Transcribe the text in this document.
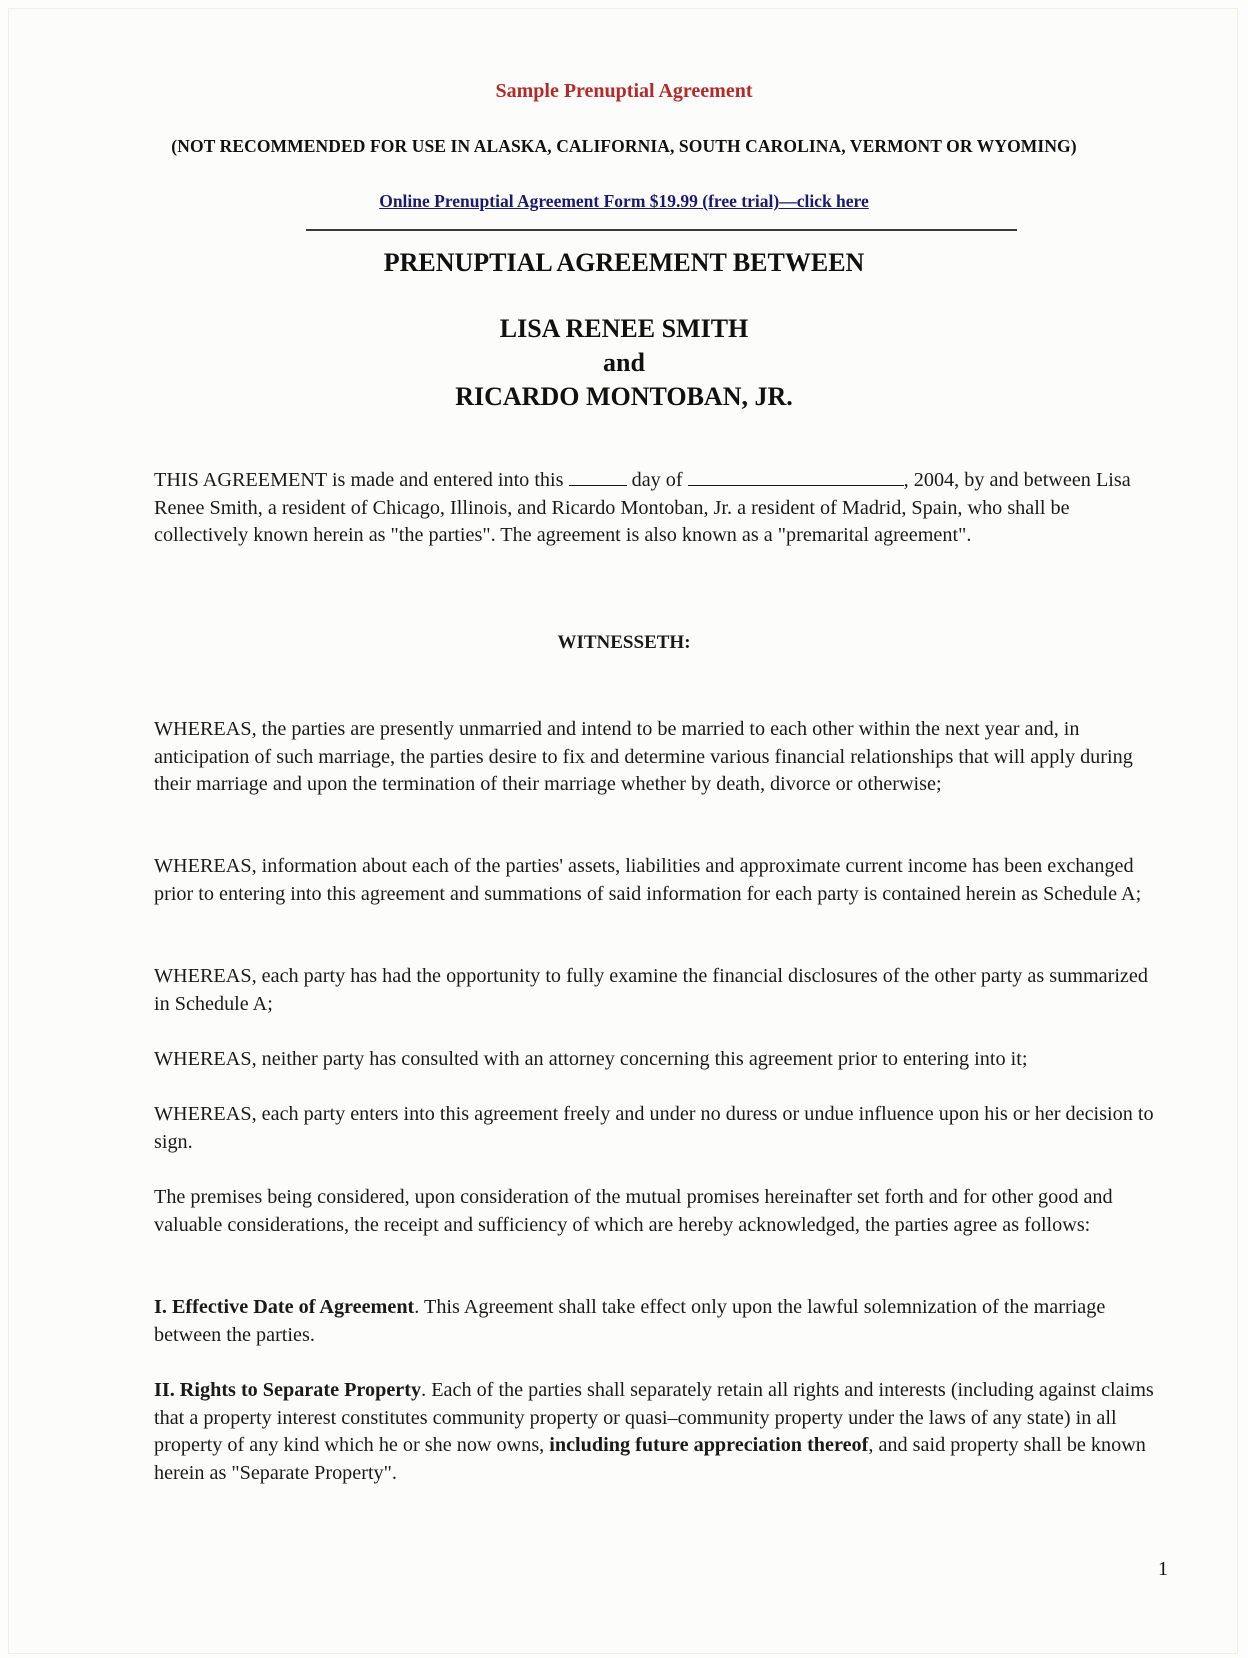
Sample Prenuptial Agreement
(NOT RECOMMENDED FOR USE IN ALASKA, CALIFORNIA, SOUTH CAROLINA, VERMONT OR WYOMING)
Online Prenuptial Agreement Form $19.99 (free trial)––click here
PRENUPTIAL AGREEMENT BETWEEN
LISA RENEE SMITH
and
RICARDO MONTOBAN, JR.

THIS AGREEMENT is made and entered into this	day of	, 2004, by and between Lisa Renee Smith, a resident of Chicago, Illinois, and Ricardo Montoban, Jr. a resident of Madrid, Spain, who shall be collectively known herein as "the parties". The agreement is also known as a "premarital agreement".

WITNESSETH:

WHEREAS, the parties are presently unmarried and intend to be married to each other within the next year and, in anticipation of such marriage, the parties desire to fix and determine various financial relationships that will apply during their marriage and upon the termination of their marriage whether by death, divorce or otherwise;

WHEREAS, information about each of the parties' assets, liabilities and approximate current income has been exchanged prior to entering into this agreement and summations of said information for each party is contained herein as Schedule A;

WHEREAS, each party has had the opportunity to fully examine the financial disclosures of the other party as summarized in Schedule A;

WHEREAS, neither party has consulted with an attorney concerning this agreement prior to entering into it;

WHEREAS, each party enters into this agreement freely and under no duress or undue influence upon his or her decision to sign.

The premises being considered, upon consideration of the mutual promises hereinafter set forth and for other good and valuable considerations, the receipt and sufficiency of which are hereby acknowledged, the parties agree as follows:

I. Effective Date of Agreement. This Agreement shall take effect only upon the lawful solemnization of the marriage between the parties.

II. Rights to Separate Property. Each of the parties shall separately retain all rights and interests (including against claims that a property interest constitutes community property or quasi–community property under the laws of any state) in all property of any kind which he or she now owns, including future appreciation thereof, and said property shall be known herein as "Separate Property".

1
